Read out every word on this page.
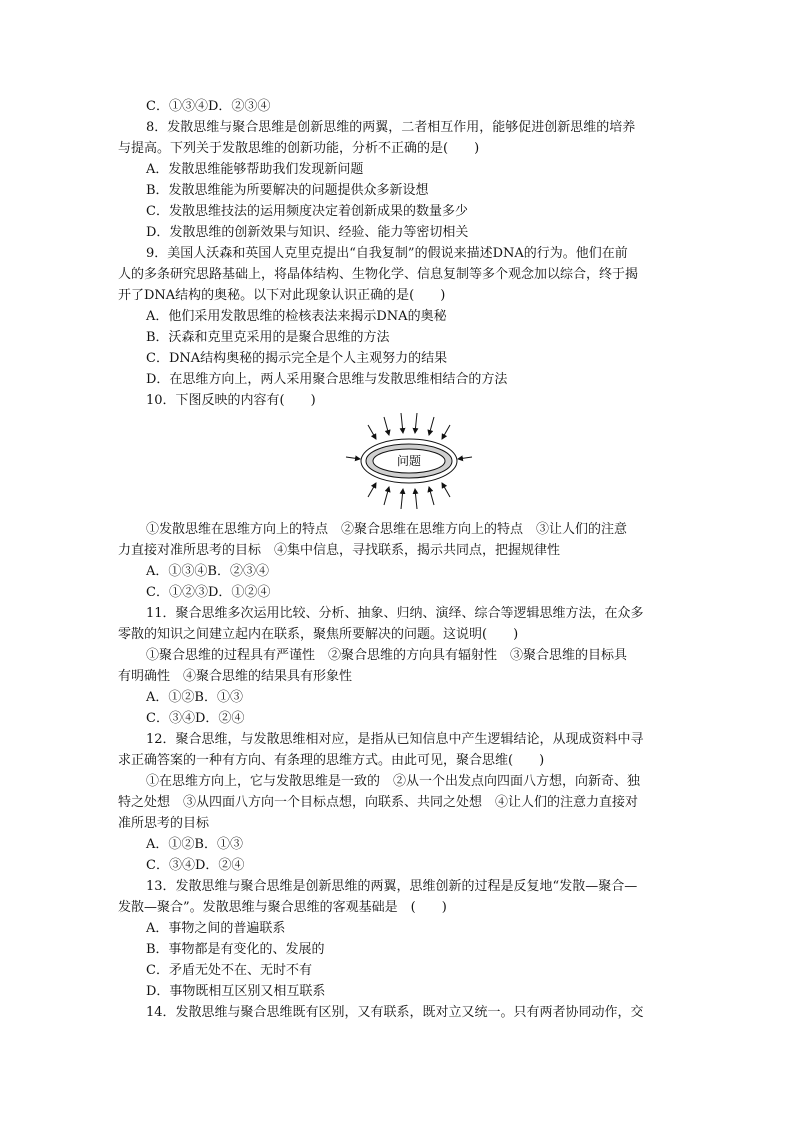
C．①③④D．②③④
8．发散思维与聚合思维是创新思维的两翼，二者相互作用，能够促进创新思维的培养
与提高。下列关于发散思维的创新功能，分析不正确的是(　　)
A．发散思维能够帮助我们发现新问题
B．发散思维能为所要解决的问题提供众多新设想
C．发散思维技法的运用频度决定着创新成果的数量多少
D．发散思维的创新效果与知识、经验、能力等密切相关
9．美国人沃森和英国人克里克提出“自我复制”的假说来描述DNA的行为。他们在前
人的多条研究思路基础上，将晶体结构、生物化学、信息复制等多个观念加以综合，终于揭
开了DNA结构的奥秘。以下对此现象认识正确的是(　　)
A．他们采用发散思维的检核表法来揭示DNA的奥秘
B．沃森和克里克采用的是聚合思维的方法
C．DNA结构奥秘的揭示完全是个人主观努力的结果
D．在思维方向上，两人采用聚合思维与发散思维相结合的方法
10．下图反映的内容有(　　)
问题
①发散思维在思维方向上的特点　②聚合思维在思维方向上的特点　③让人们的注意
力直接对准所思考的目标　④集中信息，寻找联系，揭示共同点，把握规律性
A．①③④B．②③④
C．①②③D．①②④
11．聚合思维多次运用比较、分析、抽象、归纳、演绎、综合等逻辑思维方法，在众多
零散的知识之间建立起内在联系，聚焦所要解决的问题。这说明(　　)
①聚合思维的过程具有严谨性　②聚合思维的方向具有辐射性　③聚合思维的目标具
有明确性　④聚合思维的结果具有形象性
A．①②B．①③
C．③④D．②④
12．聚合思维，与发散思维相对应，是指从已知信息中产生逻辑结论，从现成资料中寻
求正确答案的一种有方向、有条理的思维方式。由此可见，聚合思维(　　)
①在思维方向上，它与发散思维是一致的　②从一个出发点向四面八方想，向新奇、独
特之处想　③从四面八方向一个目标点想，向联系、共同之处想　④让人们的注意力直接对
准所思考的目标
A．①②B．①③
C．③④D．②④
13．发散思维与聚合思维是创新思维的两翼，思维创新的过程是反复地“发散—聚合—
发散—聚合”。发散思维与聚合思维的客观基础是　(　　)
A．事物之间的普遍联系
B．事物都是有变化的、发展的
C．矛盾无处不在、无时不有
D．事物既相互区别又相互联系
14．发散思维与聚合思维既有区别，又有联系，既对立又统一。只有两者协同动作，交
